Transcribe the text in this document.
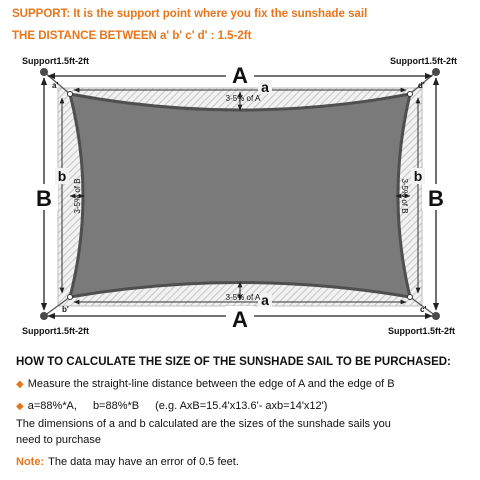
SUPPORT: It is the support point where you fix the sunshade sail
THE DISTANCE BETWEEN a' b' c' d' : 1.5-2ft
Support1.5ft-2ft	Support1.5ft-2ft
Support1.5ft-2ft	Support1.5ft-2ft
a'	d'
b'	c'
A
A
B	B
a
a
b	b
3-5% of A
3-5% of A
3-5% of B	3-5% of B
HOW TO CALCULATE THE SIZE OF THE SUNSHADE SAIL TO BE PURCHASED:
◆ Measure the straight-line distance between the edge of A and the edge of B
◆ a=88%*A, b=88%*B (e.g. AxB=15.4'x13.6'- axb=14'x12')
The dimensions of a and b calculated are the sizes of the sunshade sails you
need to purchase
Note: The data may have an error of 0.5 feet.
